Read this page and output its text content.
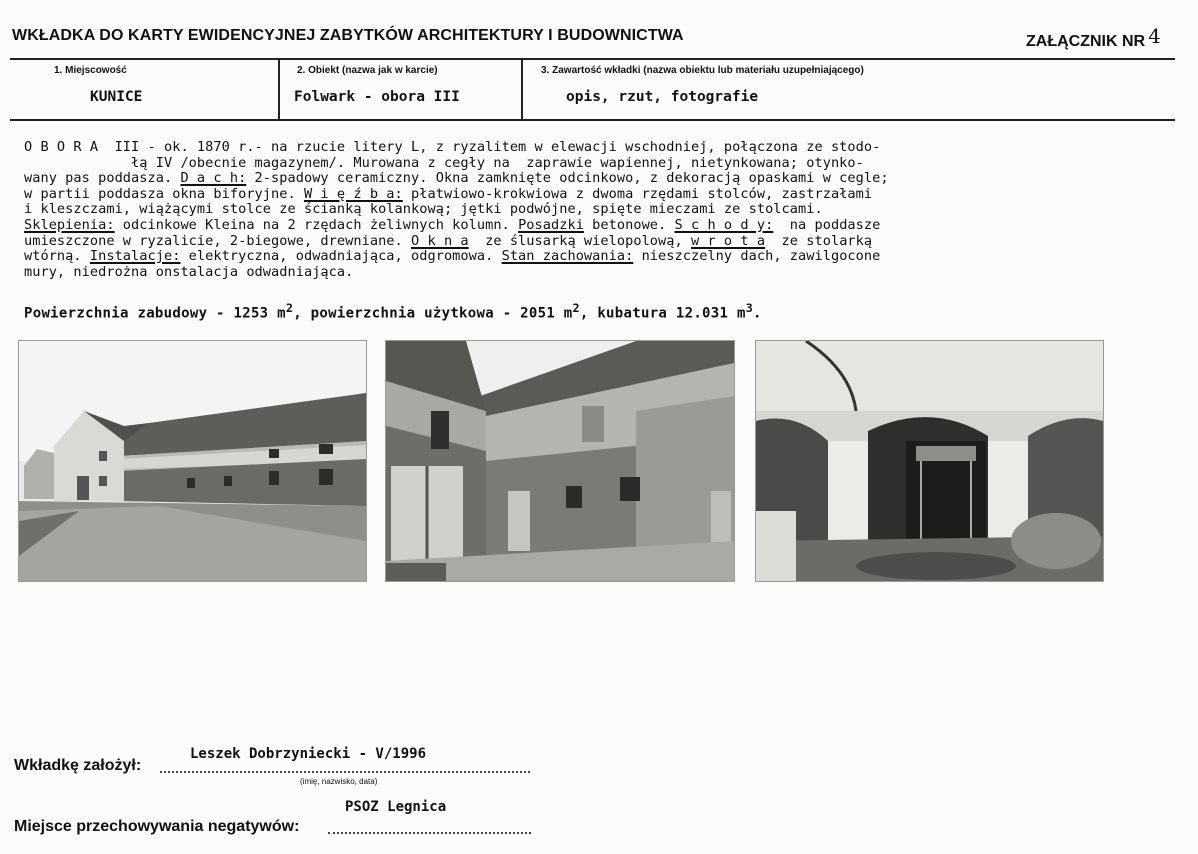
WKŁADKA DO KARTY EWIDENCYJNEJ ZABYTKÓW ARCHITEKTURY I BUDOWNICTWA	ZAŁĄCZNIK NR 4
1. Miejscowość
KUNICE
2. Obiekt (nazwa jak w karcie)
Folwark - obora III
3. Zawartość wkładki (nazwa obiektu lub materiału uzupełniającego)
opis, rzut, fotografie
O B O R A  III - ok. 1870 r.- na rzucie litery L, z ryzalitem w elewacji wschodniej, połączona ze stodo-
łą IV /obecnie magazynem/. Murowana z cegły na  zaprawie wapiennej, nietynkowana; otynko-
wany pas poddasza. D a c h: 2-spadowy ceramiczny. Okna zamknięte odcinkowo, z dekoracją opaskami w cegle;
w partii poddasza okna biforyjne. W i ę ź b a: płatwiowo-krokwiowa z dwoma rzędami stolców, zastrzałami
i kleszczami, wiążącymi stolce ze ścianką kolankową; jętki podwójne, spięte mieczami ze stolcami.
Sklepienia: odcinkowe Kleina na 2 rzędach żeliwnych kolumn. Posadzki betonowe. S c h o d y:  na poddasze
umieszczone w ryzalicie, 2-biegowe, drewniane. O k n a  ze ślusarką wielopolową, w r o t a  ze stolarką
wtórną. Instalacje: elektryczna, odwadniająca, odgromowa. Stan zachowania: nieszczelny dach, zawilgocone
mury, niedrożna onstalacja odwadniająca.
Powierzchnia zabudowy - 1253 $m^2$, powierzchnia użytkowa - 2051 $m^2$, kubatura 12.031 $m^3$.
Leszek Dobrzyniecki - V/1996
Wkładkę założył:
(imię, nazwisko, data)
PSOZ Legnica
Miejsce przechowywania negatywów:
